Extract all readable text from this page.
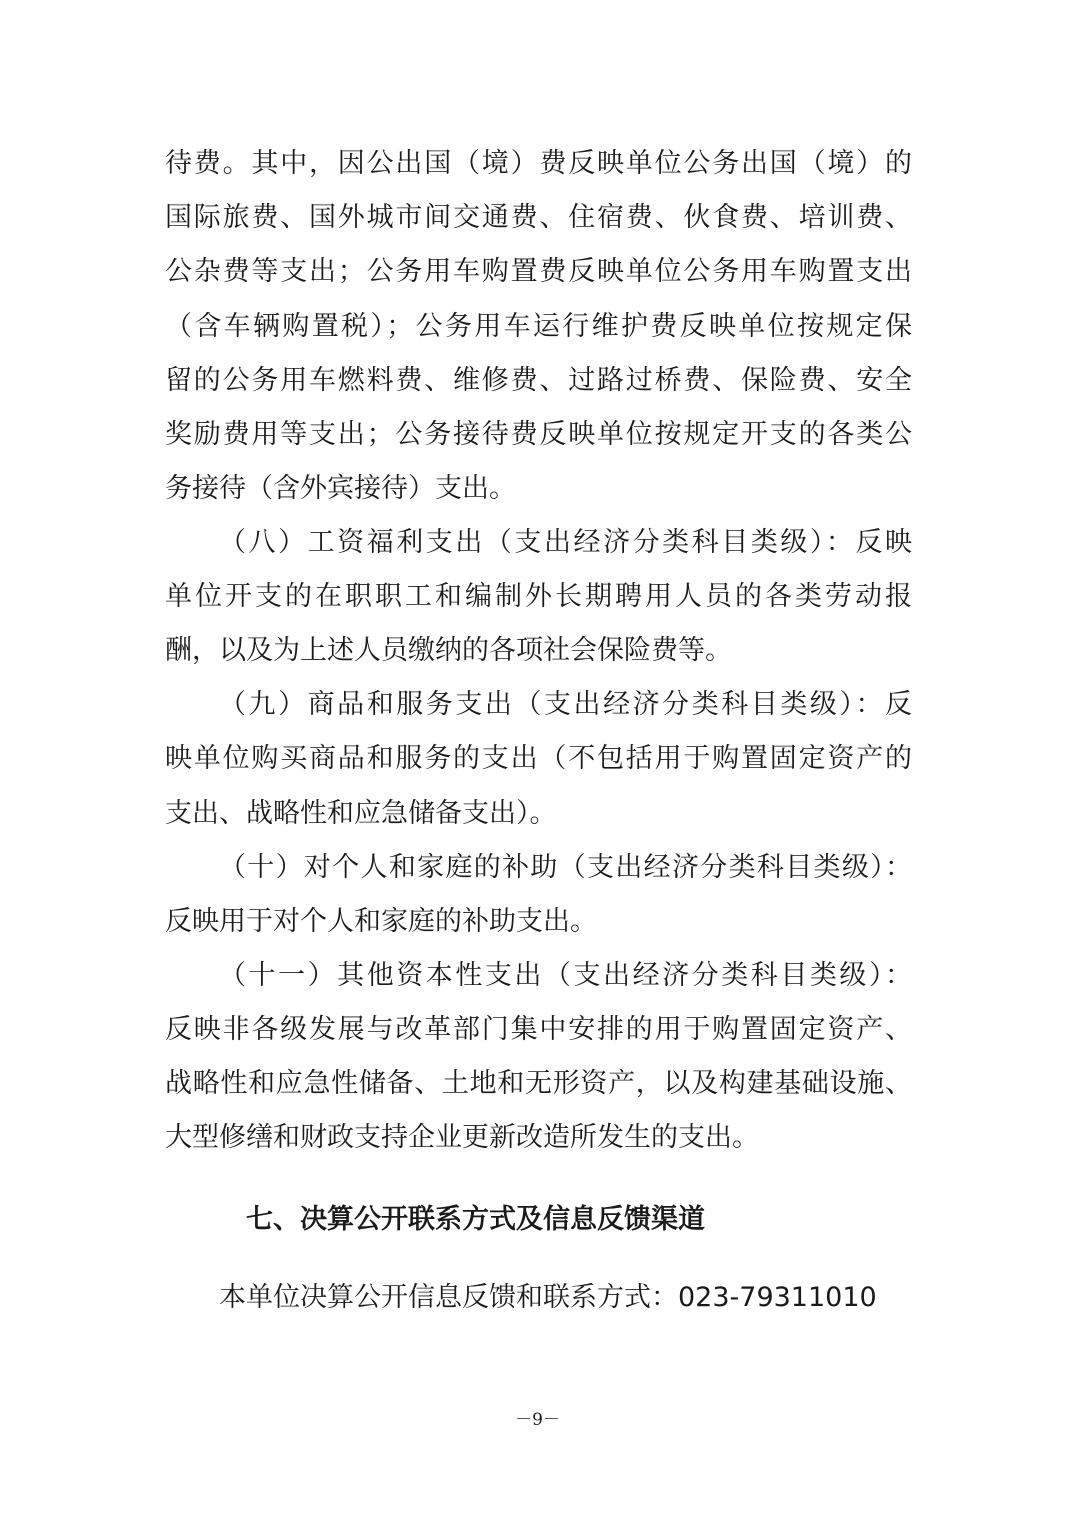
待费。其中，因公出国（境）费反映单位公务出国（境）的
国际旅费、国外城市间交通费、住宿费、伙食费、培训费、
公杂费等支出；公务用车购置费反映单位公务用车购置支出
（含车辆购置税）；公务用车运行维护费反映单位按规定保
留的公务用车燃料费、维修费、过路过桥费、保险费、安全
奖励费用等支出；公务接待费反映单位按规定开支的各类公
务接待（含外宾接待）支出。
（八）工资福利支出（支出经济分类科目类级）：反映
单位开支的在职职工和编制外长期聘用人员的各类劳动报
酬，以及为上述人员缴纳的各项社会保险费等。
（九）商品和服务支出（支出经济分类科目类级）：反
映单位购买商品和服务的支出（不包括用于购置固定资产的
支出、战略性和应急储备支出）。
（十）对个人和家庭的补助（支出经济分类科目类级）：
反映用于对个人和家庭的补助支出。
（十一）其他资本性支出（支出经济分类科目类级）：
反映非各级发展与改革部门集中安排的用于购置固定资产、
战略性和应急性储备、土地和无形资产，以及构建基础设施、
大型修缮和财政支持企业更新改造所发生的支出。
七、决算公开联系方式及信息反馈渠道
本单位决算公开信息反馈和联系方式：023-79311010
－9－
